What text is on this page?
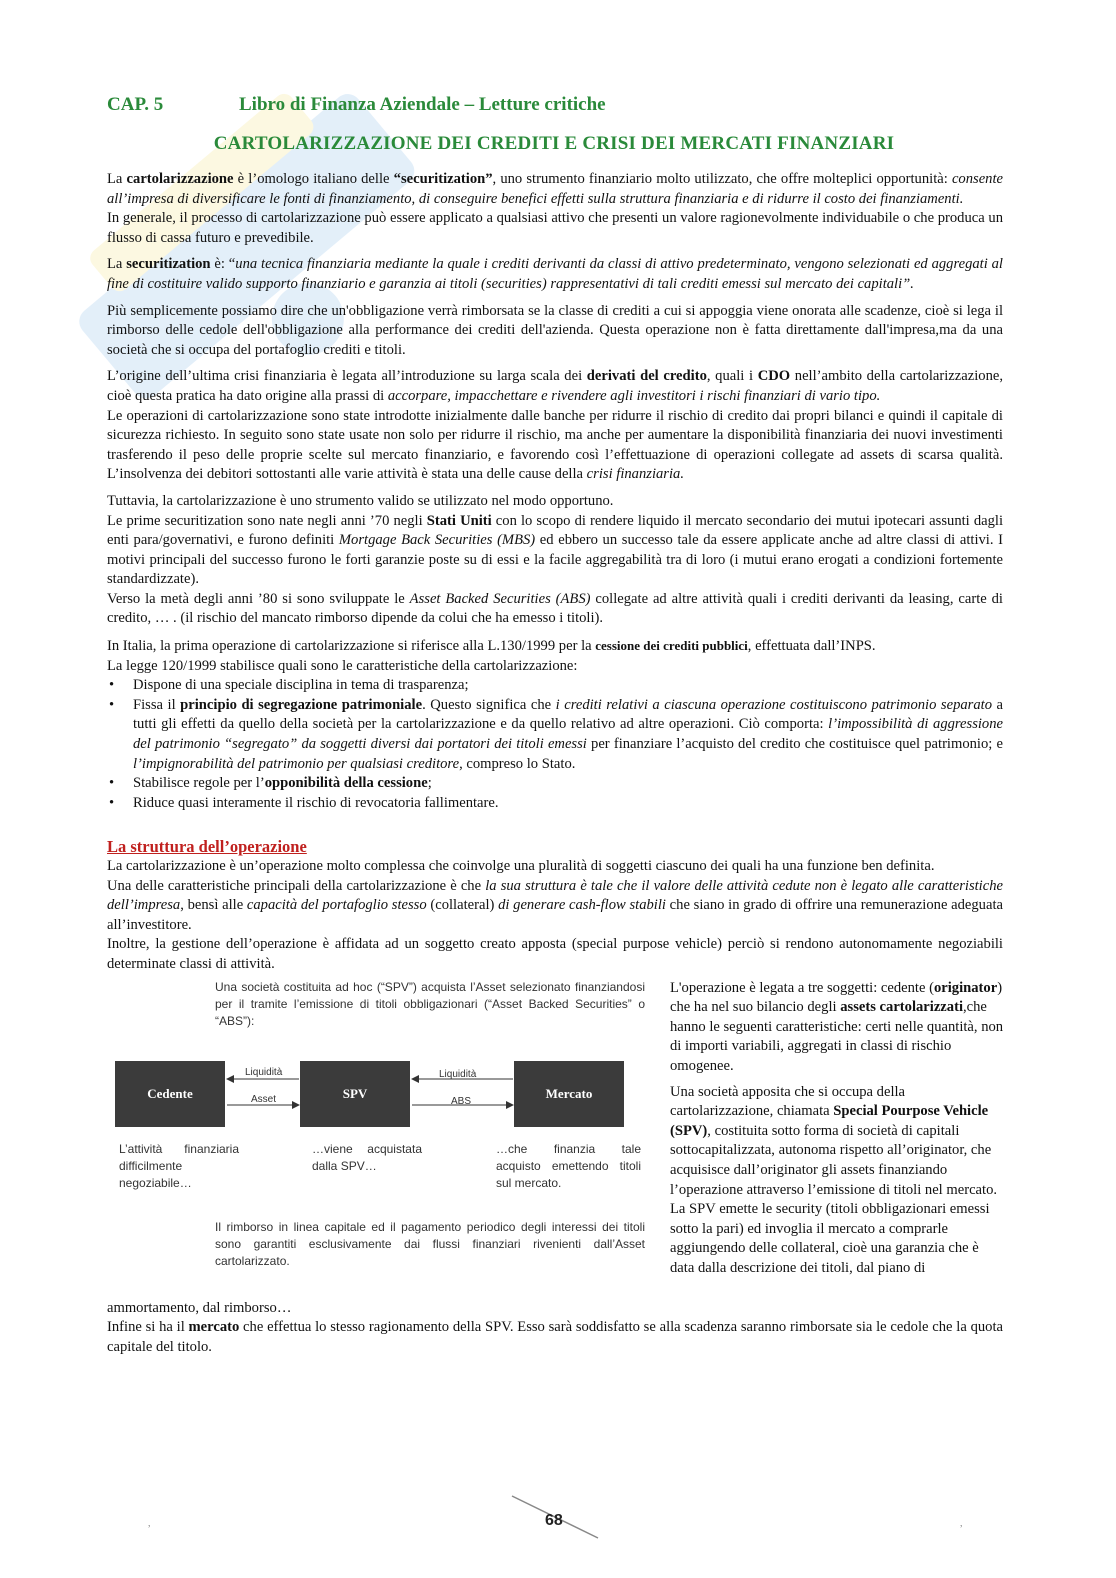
CAP. 5	Libro di Finanza Aziendale – Letture critiche
CARTOLARIZZAZIONE DEI CREDITI E CRISI DEI MERCATI FINANZIARI

La cartolarizzazione è l’omologo italiano delle “securitization”, uno strumento finanziario molto utilizzato, che offre molteplici opportunità: consente all’impresa di diversificare le fonti di finanziamento, di conseguire benefici effetti sulla struttura finanziaria e di ridurre il costo dei finanziamenti.

In generale, il processo di cartolarizzazione può essere applicato a qualsiasi attivo che presenti un valore ragionevolmente individuabile o che produca un flusso di cassa futuro e prevedibile.

La securitization è: “una tecnica finanziaria mediante la quale i crediti derivanti da classi di attivo predeterminato, vengono selezionati ed aggregati al fine di costituire valido supporto finanziario e garanzia ai titoli (securities) rappresentativi di tali crediti emessi sul mercato dei capitali”.

Più semplicemente possiamo dire che un'obbligazione verrà rimborsata se la classe di crediti a cui si appoggia viene onorata alle scadenze, cioè si lega il rimborso delle cedole dell'obbligazione alla performance dei crediti dell'azienda. Questa operazione non è fatta direttamente dall'impresa,ma da una società che si occupa del portafoglio crediti e titoli.

L’origine dell’ultima crisi finanziaria è legata all’introduzione su larga scala dei derivati del credito, quali i CDO nell’ambito della cartolarizzazione, cioè questa pratica ha dato origine alla prassi di accorpare, impacchettare e rivendere agli investitori i rischi finanziari di vario tipo.

Le operazioni di cartolarizzazione sono state introdotte inizialmente dalle banche per ridurre il rischio di credito dai propri bilanci e quindi il capitale di sicurezza richiesto. In seguito sono state usate non solo per ridurre il rischio, ma anche per aumentare la disponibilità finanziaria dei nuovi investimenti trasferendo il peso delle proprie scelte sul mercato finanziario, e favorendo così l’effettuazione di operazioni collegate ad assets di scarsa qualità. L’insolvenza dei debitori sottostanti alle varie attività è stata una delle cause della crisi finanziaria.

Tuttavia, la cartolarizzazione è uno strumento valido se utilizzato nel modo opportuno.

Le prime securitization sono nate negli anni ’70 negli Stati Uniti con lo scopo di rendere liquido il mercato secondario dei mutui ipotecari assunti dagli enti para/governativi, e furono definiti Mortgage Back Securities (MBS) ed ebbero un successo tale da essere applicate anche ad altre classi di attivi. I motivi principali del successo furono le forti garanzie poste su di essi e la facile aggregabilità tra di loro (i mutui erano erogati a condizioni fortemente standardizzate).

Verso la metà degli anni ’80 si sono sviluppate le Asset Backed Securities (ABS) collegate ad altre attività quali i crediti derivanti da leasing, carte di credito, … . (il rischio del mancato rimborso dipende da colui che ha emesso i titoli).

In Italia, la prima operazione di cartolarizzazione si riferisce alla L.130/1999 per la cessione dei crediti pubblici, effettuata dall’INPS.

La legge 120/1999 stabilisce quali sono le caratteristiche della cartolarizzazione:

• Dispone di una speciale disciplina in tema di trasparenza;
• Fissa il principio di segregazione patrimoniale. Questo significa che i crediti relativi a ciascuna operazione costituiscono patrimonio separato a tutti gli effetti da quello della società per la cartolarizzazione e da quello relativo ad altre operazioni. Ciò comporta: l’impossibilità di aggressione del patrimonio “segregato” da soggetti diversi dai portatori dei titoli emessi per finanziare l’acquisto del credito che costituisce quel patrimonio; e l’impignorabilità del patrimonio per qualsiasi creditore, compreso lo Stato.
• Stabilisce regole per l’opponibilità della cessione;
• Riduce quasi interamente il rischio di revocatoria fallimentare.
La struttura dell’operazione

La cartolarizzazione è un’operazione molto complessa che coinvolge una pluralità di soggetti ciascuno dei quali ha una funzione ben definita.

Una delle caratteristiche principali della cartolarizzazione è che la sua struttura è tale che il valore delle attività cedute non è legato alle caratteristiche dell’impresa, bensì alle capacità del portafoglio stesso (collateral) di generare cash-flow stabili che siano in grado di offrire una remunerazione adeguata all’investitore.

Inoltre, la gestione dell’operazione è affidata ad un soggetto creato apposta (special purpose vehicle) perciò si rendono autonomamente negoziabili determinate classi di attività.

Una società costituita ad hoc (“SPV”) acquista l’Asset selezionato finanziandosi per il tramite l’emissione di titoli obbligazionari (“Asset Backed Securities” o “ABS”):
Cedente	SPV	Mercato
Liquidità
Asset
Liquidità
ABS
L’attività finanziaria difficilmente negoziabile…
…viene acquistata dalla SPV…
…che finanzia tale acquisto emettendo titoli sul mercato.
Il rimborso in linea capitale ed il pagamento periodico degli interessi dei titoli sono garantiti esclusivamente dai flussi finanziari rivenienti dall’Asset cartolarizzato.

L'operazione è legata a tre soggetti: cedente (originator) che ha nel suo bilancio degli assets cartolarizzati,che hanno le seguenti caratteristiche: certi nelle quantità, non di importi variabili, aggregati in classi di rischio omogenee.

Una società apposita che si occupa della cartolarizzazione, chiamata Special Pourpose Vehicle (SPV), costituita sotto forma di società di capitali sottocapitalizzata, autonoma rispetto all’originator, che acquisisce dall’originator gli assets finanziando l’operazione attraverso l’emissione di titoli nel mercato. La SPV emette le security (titoli obbligazionari emessi sotto la pari) ed invoglia il mercato a comprarle aggiungendo delle collateral, cioè una garanzia che è data dalla descrizione dei titoli, dal piano di

ammortamento, dal rimborso…

Infine si ha il mercato che effettua lo stesso ragionamento della SPV. Esso sarà soddisfatto se alla scadenza saranno rimborsate sia le cedole che la quota capitale del titolo.

68
,	,
